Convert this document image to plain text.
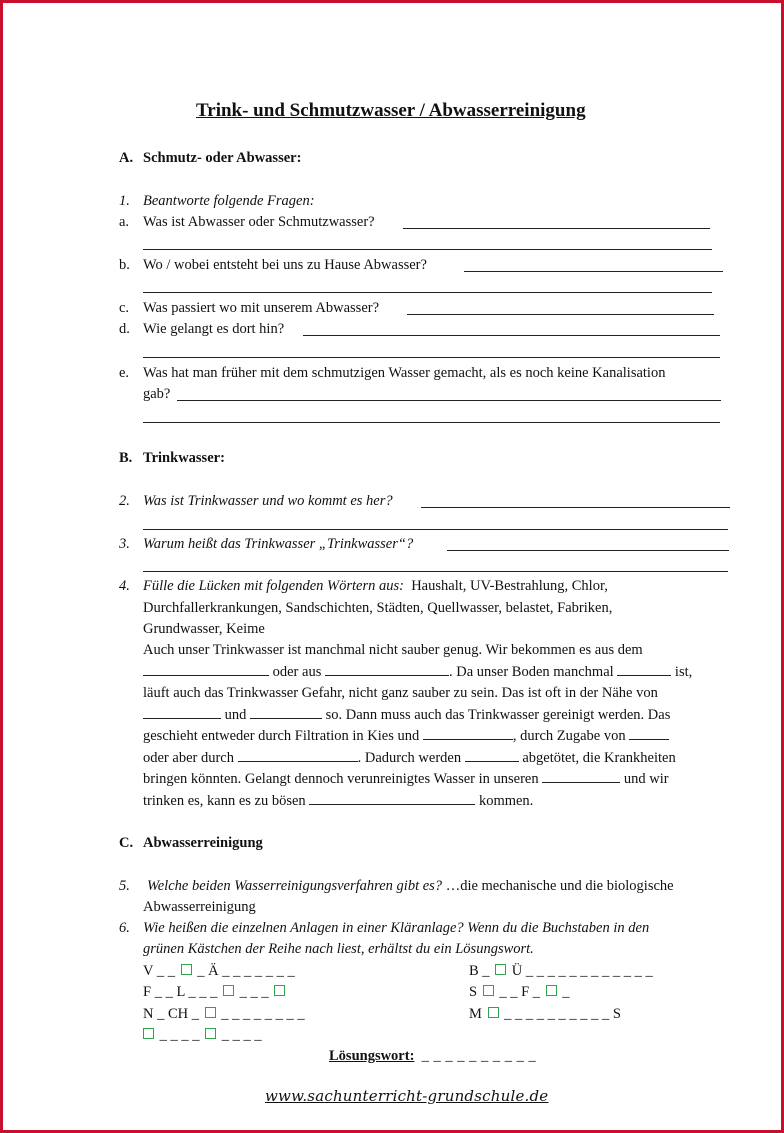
Trink- und Schmutzwasser / Abwasserreinigung
A. Schmutz- oder Abwasser:
1. Beantworte folgende Fragen:
a. Was ist Abwasser oder Schmutzwasser?
b. Wo / wobei entsteht bei uns zu Hause Abwasser?
c. Was passiert wo mit unserem Abwasser?
d. Wie gelangt es dort hin?
e. Was hat man früher mit dem schmutzigen Wasser gemacht, als es noch keine Kanalisation
gab?
B. Trinkwasser:
2. Was ist Trinkwasser und wo kommt es her?
3. Warum heißt das Trinkwasser „Trinkwasser“?
4. Fülle die Lücken mit folgenden Wörtern aus: Haushalt, UV-Bestrahlung, Chlor,
Durchfallerkrankungen, Sandschichten, Städten, Quellwasser, belastet, Fabriken,
Grundwasser, Keime
Auch unser Trinkwasser ist manchmal nicht sauber genug. Wir bekommen es aus dem
oder aus	. Da unser Boden manchmal	ist,
läuft auch das Trinkwasser Gefahr, nicht ganz sauber zu sein. Das ist oft in der Nähe von
und	so. Dann muss auch das Trinkwasser gereinigt werden. Das
geschieht entweder durch Filtration in Kies und	, durch Zugabe von
oder aber durch	. Dadurch werden	abgetötet, die Krankheiten
bringen könnten. Gelangt dennoch verunreinigtes Wasser in unseren	und wir
trinken es, kann es zu bösen	kommen.
C. Abwasserreinigung
5. Welche beiden Wasserreinigungsverfahren gibt es? …die mechanische und die biologische
Abwasserreinigung
6. Wie heißen die einzelnen Anlagen in einer Kläranlage? Wenn du die Buchstaben in den
grünen Kästchen der Reihe nach liest, erhältst du ein Lösungswort.
V _ _  _ Ä _ _ _ _ _ _ _	B _  Ü _ _ _ _ _ _ _ _ _ _ _ _
F _ _ L _ _ _  _ _ _	S  _ _ F _  _
N _ CH _  _ _ _ _ _ _ _ _	M  _ _ _ _ _ _ _ _ _ _ S
_ _ _ _  _ _ _ _
Lösungswort: _ _ _ _ _ _ _ _ _ _
www.sachunterricht-grundschule.de
